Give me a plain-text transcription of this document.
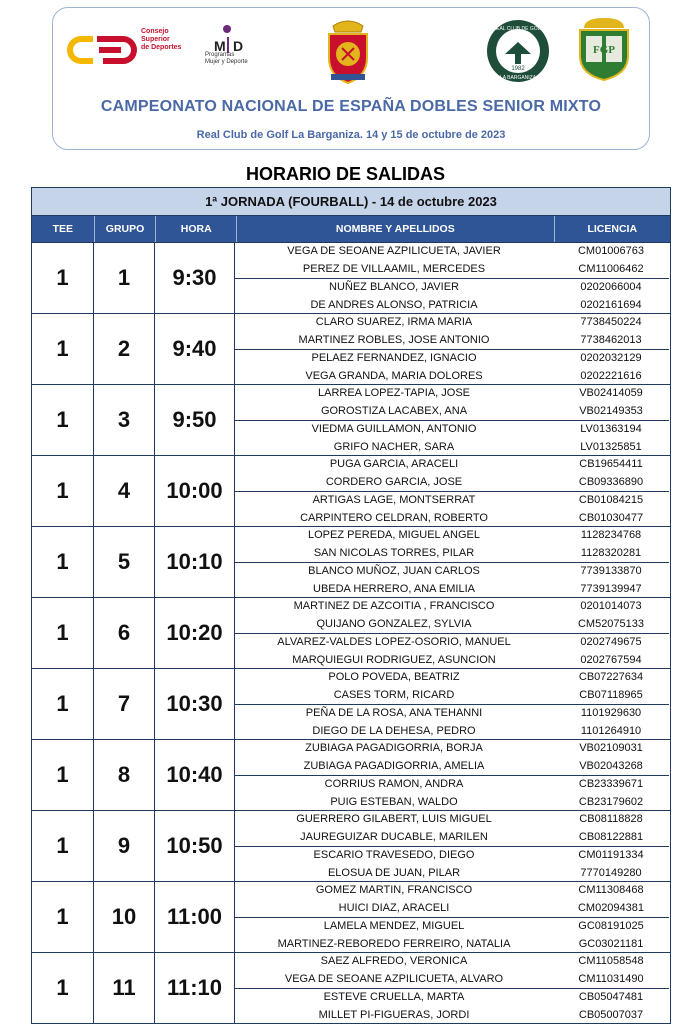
Consejo
Superior
de Deportes M D
Programas
Mujer y Deporte
REAL CLUB DE GOLF
1982
LA BARGANIZA
FGP
CAMPEONATO NACIONAL DE ESPAÑA DOBLES SENIOR MIXTO
Real Club de Golf La Barganiza. 14 y 15 de octubre de 2023
HORARIO DE SALIDAS
1ª JORNADA (FOURBALL) - 14 de octubre 2023
TEE	GRUPO	HORA	NOMBRE Y APELLIDOS	LICENCIA
1	1	9:30
VEGA DE SEOANE AZPILICUETA, JAVIER	CM01006763
PEREZ DE VILLAAMIL, MERCEDES	CM11006462
NUÑEZ BLANCO, JAVIER	0202066004
DE ANDRES ALONSO, PATRICIA	0202161694
1	2	9:40
CLARO SUAREZ, IRMA MARIA	7738450224
MARTINEZ ROBLES, JOSE ANTONIO	7738462013
PELAEZ FERNANDEZ, IGNACIO	0202032129
VEGA GRANDA, MARIA DOLORES	0202221616
1	3	9:50
LARREA LOPEZ-TAPIA, JOSE	VB02414059
GOROSTIZA LACABEX, ANA	VB02149353
VIEDMA GUILLAMON, ANTONIO	LV01363194
GRIFO NACHER, SARA	LV01325851
1	4	10:00
PUGA GARCIA, ARACELI	CB19654411
CORDERO GARCIA, JOSE	CB09336890
ARTIGAS LAGE, MONTSERRAT	CB01084215
CARPINTERO CELDRAN, ROBERTO	CB01030477
1	5	10:10
LOPEZ PEREDA, MIGUEL ANGEL	1128234768
SAN NICOLAS TORRES, PILAR	1128320281
BLANCO MUÑOZ, JUAN CARLOS	7739133870
UBEDA HERRERO, ANA EMILIA	7739139947
1	6	10:20
MARTINEZ DE AZCOITIA , FRANCISCO	0201014073
QUIJANO GONZALEZ, SYLVIA	CM52075133
ALVAREZ-VALDES LOPEZ-OSORIO, MANUEL	0202749675
MARQUIEGUI RODRIGUEZ, ASUNCION	0202767594
1	7	10:30
POLO POVEDA, BEATRIZ	CB07227634
CASES TORM, RICARD	CB07118965
PEÑA DE LA ROSA, ANA TEHANNI	1101929630
DIEGO DE LA DEHESA, PEDRO	1101264910
1	8	10:40
ZUBIAGA PAGADIGORRIA, BORJA	VB02109031
ZUBIAGA PAGADIGORRIA, AMELIA	VB02043268
CORRIUS RAMON, ANDRA	CB23339671
PUIG ESTEBAN, WALDO	CB23179602
1	9	10:50
GUERRERO GILABERT, LUIS MIGUEL	CB08118828
JAUREGUIZAR DUCABLE, MARILEN	CB08122881
ESCARIO TRAVESEDO, DIEGO	CM01191334
ELOSUA DE JUAN, PILAR	7770149280
1	10	11:00
GOMEZ MARTIN, FRANCISCO	CM11308468
HUICI DIAZ, ARACELI	CM02094381
LAMELA MENDEZ, MIGUEL	GC08191025
MARTINEZ-REBOREDO FERREIRO, NATALIA	GC03021181
1	11	11:10
SAEZ ALFREDO, VERONICA	CM11058548
VEGA DE SEOANE AZPILICUETA, ALVARO	CM11031490
ESTEVE CRUELLA, MARTA	CB05047481
MILLET PI-FIGUERAS, JORDI	CB05007037
